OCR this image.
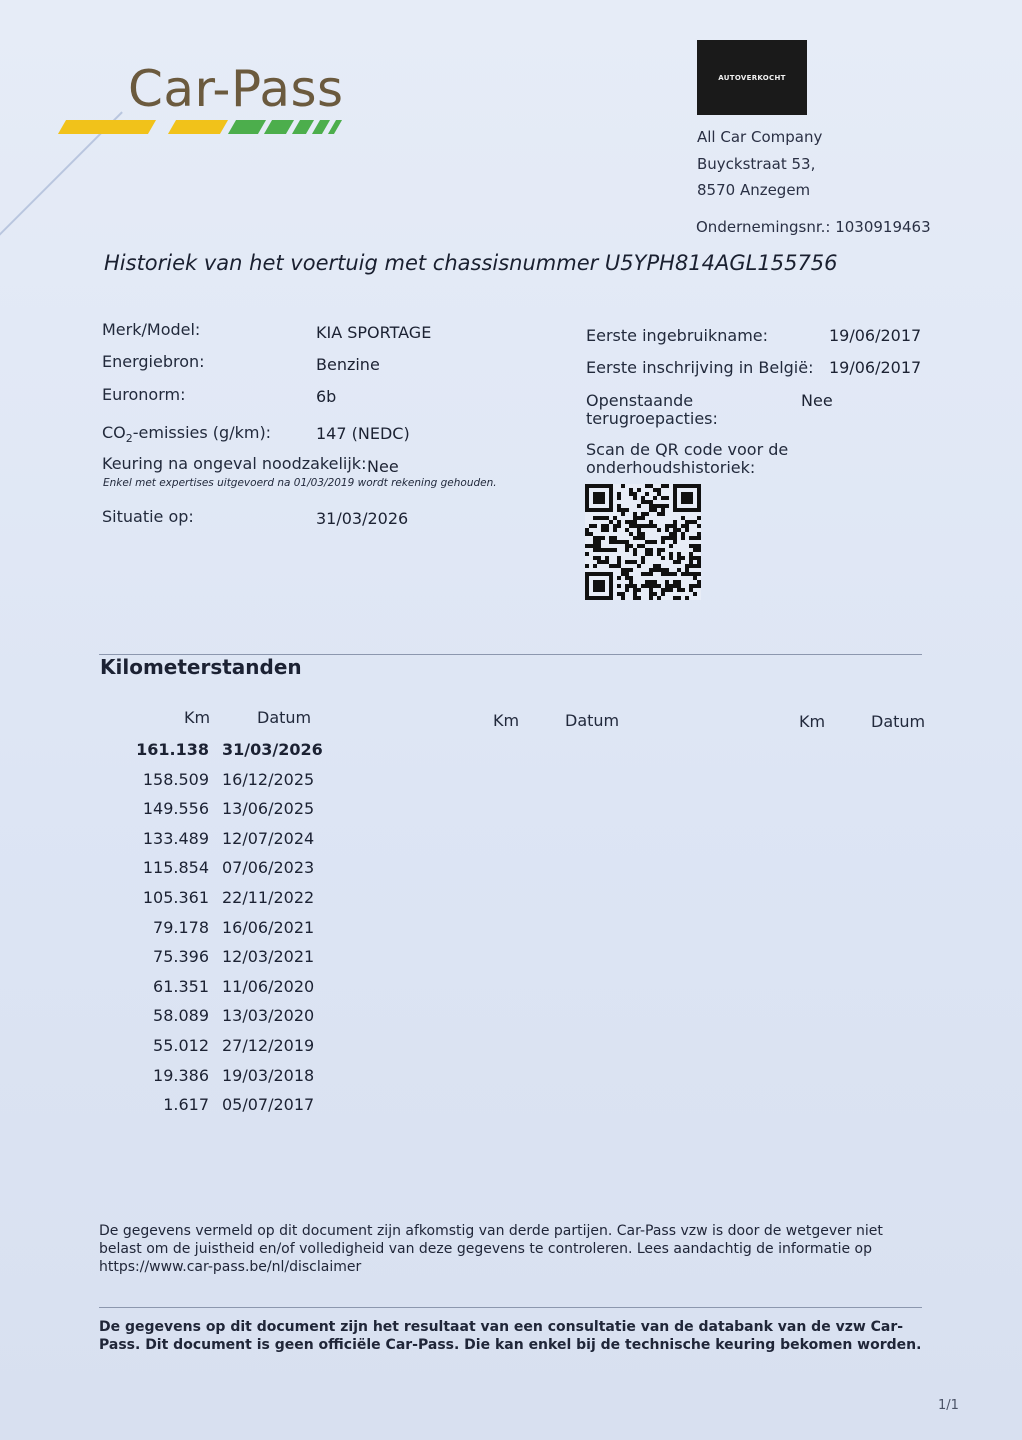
Car-Pass	AUTOVERKOCHT
All Car Company
Buyckstraat 53,
8570 Anzegem
Ondernemingsnr.: 1030919463
Historiek van het voertuig met chassisnummer U5YPH814AGL155756
Merk/Model:	KIA SPORTAGE
Energiebron:	Benzine
Euronorm:	6b
$CO_2$-emissies (g/km):	147 (NEDC)
Keuring na ongeval noodzakelijk: Nee
Enkel met expertises uitgevoerd na 01/03/2019 wordt rekening gehouden.
Situatie op:	31/03/2026
Eerste ingebruikname:	19/06/2017
Eerste inschrijving in België: 19/06/2017
Openstaande
terugroepacties:
Nee
Scan de QR code voor de
onderhoudshistoriek:
Kilometerstanden
Km	Datum	Km	Datum	Km	Datum
161.138 31/03/2026
158.509 16/12/2025
149.556 13/06/2025
133.489 12/07/2024
115.854 07/06/2023
105.361 22/11/2022
79.178 16/06/2021
75.396 12/03/2021
61.351 11/06/2020
58.089 13/03/2020
55.012 27/12/2019
19.386 19/03/2018
1.617 05/07/2017
De gegevens vermeld op dit document zijn afkomstig van derde partijen. Car-Pass vzw is door de wetgever niet belast om de juistheid en/of volledigheid van deze gegevens te controleren. Lees aandachtig de informatie op https://www.car-pass.be/nl/disclaimer
De gegevens op dit document zijn het resultaat van een consultatie van de databank van de vzw Car-Pass. Dit document is geen officiële Car-Pass. Die kan enkel bij de technische keuring bekomen worden.
1/1
